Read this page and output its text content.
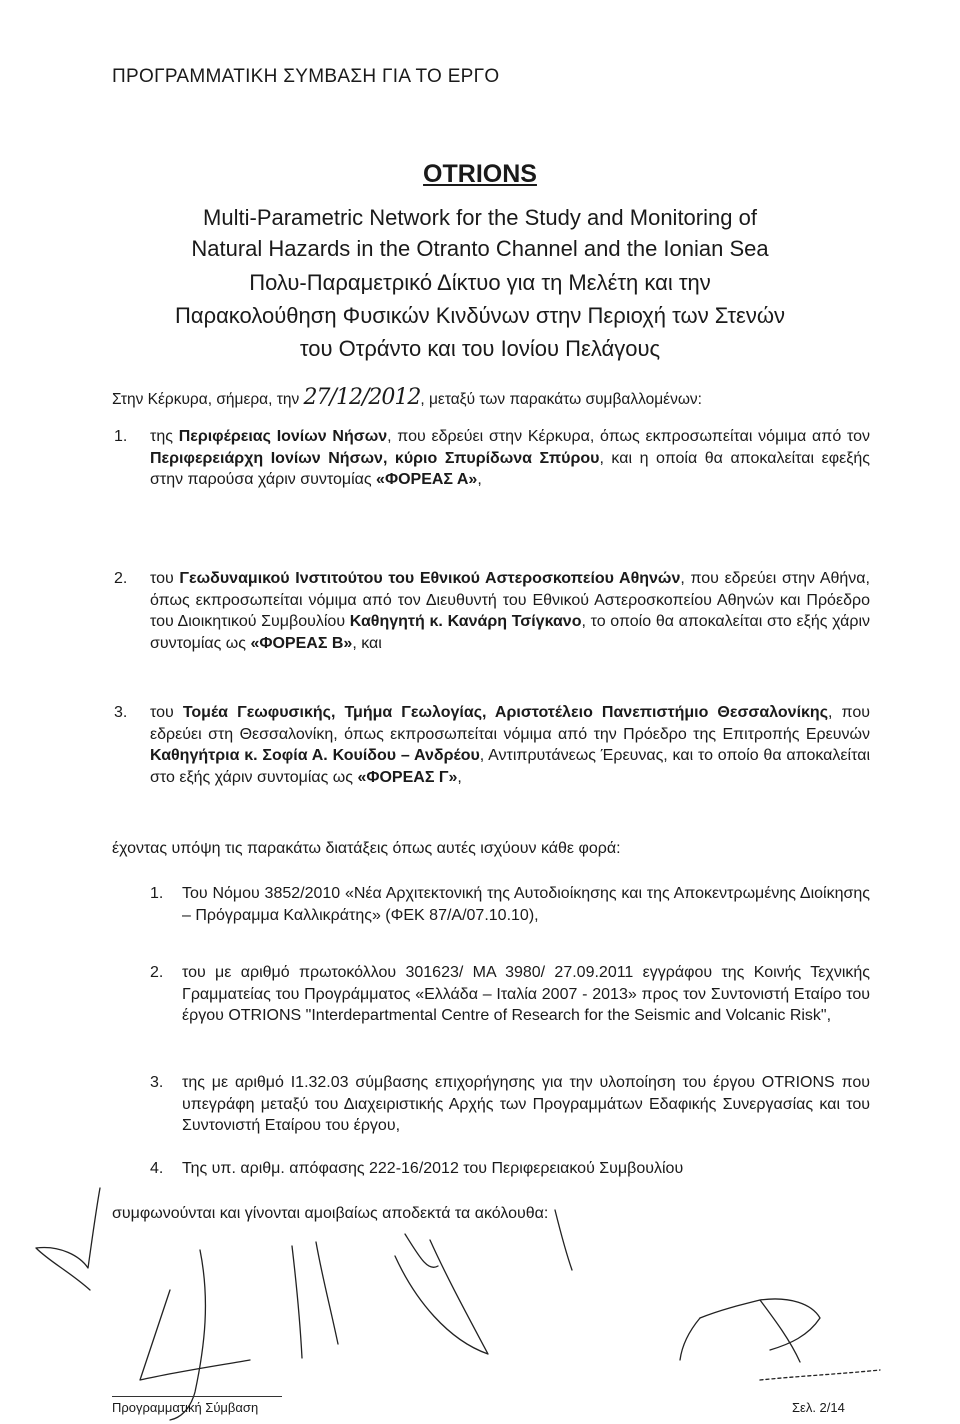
ΠΡΟΓΡΑΜΜΑΤΙΚΗ ΣΥΜΒΑΣΗ ΓΙΑ ΤΟ ΕΡΓΟ
OTRIONS
Multi-Parametric Network for the Study and Monitoring of
Natural Hazards in the Otranto Channel and the Ionian Sea
Πολυ-Παραμετρικό Δίκτυο για τη Μελέτη και την
Παρακολούθηση Φυσικών Κινδύνων στην Περιοχή των Στενών
του Οτράντο και του Ιονίου Πελάγους
Στην Κέρκυρα, σήμερα, την 27/12/2012, μεταξύ των παρακάτω συμβαλλομένων:
1. της Περιφέρειας Ιονίων Νήσων, που εδρεύει στην Κέρκυρα, όπως εκπροσωπείται νόμιμα από τον Περιφερειάρχη Ιονίων Νήσων, κύριο Σπυρίδωνα Σπύρου, και η οποία θα αποκαλείται εφεξής στην παρούσα χάριν συντομίας «ΦΟΡΕΑΣ Α»,
2. του Γεωδυναμικού Ινστιτούτου του Εθνικού Αστεροσκοπείου Αθηνών, που εδρεύει στην Αθήνα, όπως εκπροσωπείται νόμιμα από τον Διευθυντή του Εθνικού Αστεροσκοπείου Αθηνών και Πρόεδρο του Διοικητικού Συμβουλίου Καθηγητή κ. Κανάρη Τσίγκανο, το οποίο θα αποκαλείται στο εξής χάριν συντομίας ως «ΦΟΡΕΑΣ Β», και
3. του Τομέα Γεωφυσικής, Τμήμα Γεωλογίας, Αριστοτέλειο Πανεπιστήμιο Θεσσαλονίκης, που εδρεύει στη Θεσσαλονίκη, όπως εκπροσωπείται νόμιμα από την Πρόεδρο της Επιτροπής Ερευνών Καθηγήτρια κ. Σοφία Α. Κουίδου – Ανδρέου, Αντιπρυτάνεως Έρευνας, και το οποίο θα αποκαλείται στο εξής χάριν συντομίας ως «ΦΟΡΕΑΣ Γ»,
έχοντας υπόψη τις παρακάτω διατάξεις όπως αυτές ισχύουν κάθε φορά:
1. Του Νόμου 3852/2010 «Νέα Αρχιτεκτονική της Αυτοδιοίκησης και της Αποκεντρωμένης Διοίκησης – Πρόγραμμα Καλλικράτης» (ΦΕΚ 87/Α/07.10.10),
2. του με αριθμό πρωτοκόλλου 301623/ ΜΑ 3980/ 27.09.2011 εγγράφου της Κοινής Τεχνικής Γραμματείας του Προγράμματος «Ελλάδα – Ιταλία 2007 - 2013» προς τον Συντονιστή Εταίρο του έργου OTRIONS "Interdepartmental Centre of Research for the Seismic and Volcanic Risk",
3. της με αριθμό Ι1.32.03 σύμβασης επιχορήγησης για την υλοποίηση του έργου OTRIONS που υπεγράφη μεταξύ του Διαχειριστικής Αρχής των Προγραμμάτων Εδαφικής Συνεργασίας και του Συντονιστή Εταίρου του έργου,
4. Της υπ. αριθμ. απόφασης 222-16/2012 του Περιφερειακού Συμβουλίου
συμφωνούνται και γίνονται αμοιβαίως αποδεκτά τα ακόλουθα:
Προγραμματική Σύμβαση	Σελ. 2/14
